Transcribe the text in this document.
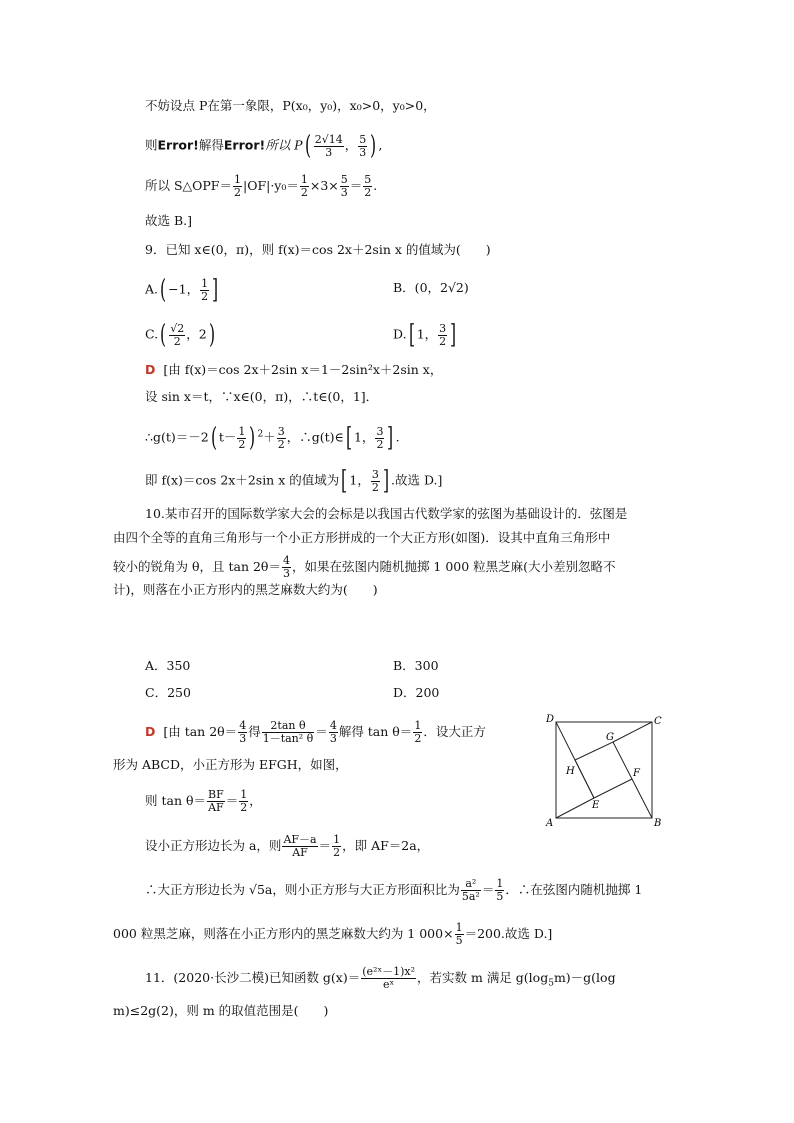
不妨设点 P在第一象限，P(x₀，y₀)，x₀>0，y₀>0，
则Error!解得Error!所以 $P( \frac{2√14}{3}$ ， $\frac{5}{3}$ ) ,
所以 S△OPF＝ $\frac{1}{2} |OF|\cdot y_0= \frac{1}{2} \times 3\times \frac{5}{3} = \frac{5}{2}$ .
故选 B.]
9．已知 x∈(0，π)，则 f(x)＝cos 2x＋2sin x 的值域为(　　)
A.( −1， $\frac{1}{2}$ ]	B．(0，2√2)
$C.( \frac{√2}{2}$ ，2)	D.[ 1， $\frac{3}{2}$ ]
D [由 f(x)＝cos 2x＋2sin x＝1－2sin²x＋2sin x，
设 sin x＝t，∵x∈(0，π)，∴t∈(0，1]．
∴g(t)＝－2( $t- \frac{1}{2}$ ) $^2+ \frac{3}{2}$ ，∴g(t)∈[ 1， $\frac{3}{2}$ ] .
即 f(x)＝cos 2x＋2sin x 的值域为[ 1， $\frac{3}{2}$ ] .故选 D.]
10.某市召开的国际数学家大会的会标是以我国古代数学家的弦图为基础设计的．弦图是
由四个全等的直角三角形与一个小正方形拼成的一个大正方形(如图)．设其中直角三角形中
较小的锐角为 θ，且 $\tan 2\theta= \frac{4}{3}$ ，如果在弦图内随机抛掷 1 000 粒黑芝麻(大小差别忽略不
计)，则落在小正方形内的黑芝麻数大约为(　　)
A．350	B．300
C．250	D．200
D [由 $\tan 2\theta= \frac{4}{3}$ 得 $\frac{\text{2tan θ}}{\text{1－tan² θ}} = \frac{4}{3}$ 解得 $\tan \theta= \frac{1}{2}$ ．设大正方
形为 ABCD，小正方形为 EFGH，如图，
则 $\tan \theta= \frac{BF}{AF} = \frac{1}{2}$ ，
设小正方形边长为 a，则 $\frac{AF-a}{AF} = \frac{1}{2}$ ，即 AF＝2a，
∴大正方形边长为 √5a，则小正方形与大正方形面积比为 $\frac{\text{a²}}{\text{5a²}} = \frac{1}{5}$ ．∴在弦图内随机抛掷 1
000 粒黑芝麻，则落在小正方形内的黑芝麻数大约为 1 $000\times \frac{1}{5} =200$.故选 D.]
D	C
G
H	F
E
A	B
11．(2020·长沙二模)已知函数 $g(x)= \frac{\text{(e²ˣ－1)x²}}{\text{eˣ}}$ ，若实数 m 满足 $g(\log_5m)-g(\log$
m)≤2g(2)，则 m 的取值范围是(　　)
